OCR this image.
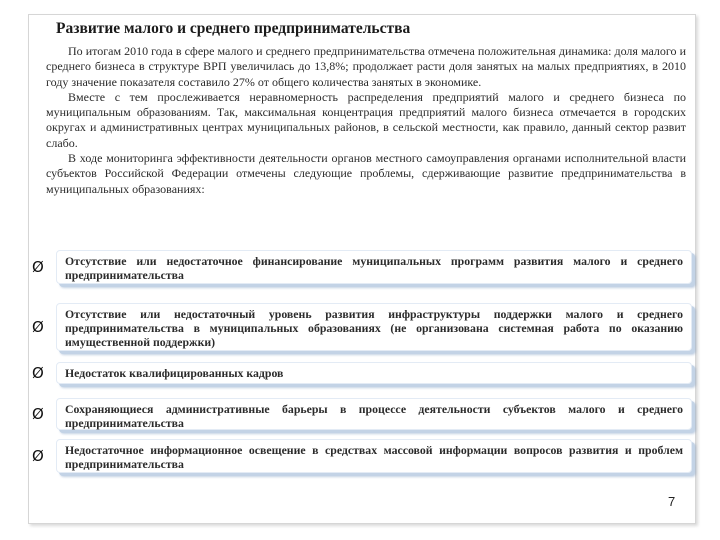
Развитие малого и среднего предпринимательства

По итогам 2010 года в сфере малого и среднего предпринимательства отмечена положительная динамика: доля малого и среднего бизнеса в структуре ВРП увеличилась до 13,8%; продолжает расти доля занятых на малых предприятиях, в 2010 году значение показателя составило 27% от общего количества занятых в экономике.

Вместе с тем прослеживается неравномерность распределения предприятий малого и среднего бизнеса по муниципальным образованиям. Так, максимальная концентрация предприятий малого бизнеса отмечается в городских округах и административных центрах муниципальных районов, в сельской местности, как правило, данный сектор развит слабо.

В ходе мониторинга эффективности деятельности органов местного самоуправления органами исполнительной власти субъектов Российской Федерации отмечены следующие проблемы, сдерживающие развитие предпринимательства в муниципальных образованиях:

Ø	Отсутствие или недостаточное финансирование муниципальных программ развития малого и среднего предпринимательства
Ø
Отсутствие или недостаточный уровень развития инфраструктуры поддержки малого и среднего предпринимательства в муниципальных образованиях (не организована системная работа по оказанию имущественной поддержки)
Ø	Недостаток квалифицированных кадров
Ø	Сохраняющиеся административные барьеры в процессе деятельности субъектов малого и среднего предпринимательства
Ø	Недостаточное информационное освещение в средствах массовой информации вопросов развития и проблем предпринимательства
7
